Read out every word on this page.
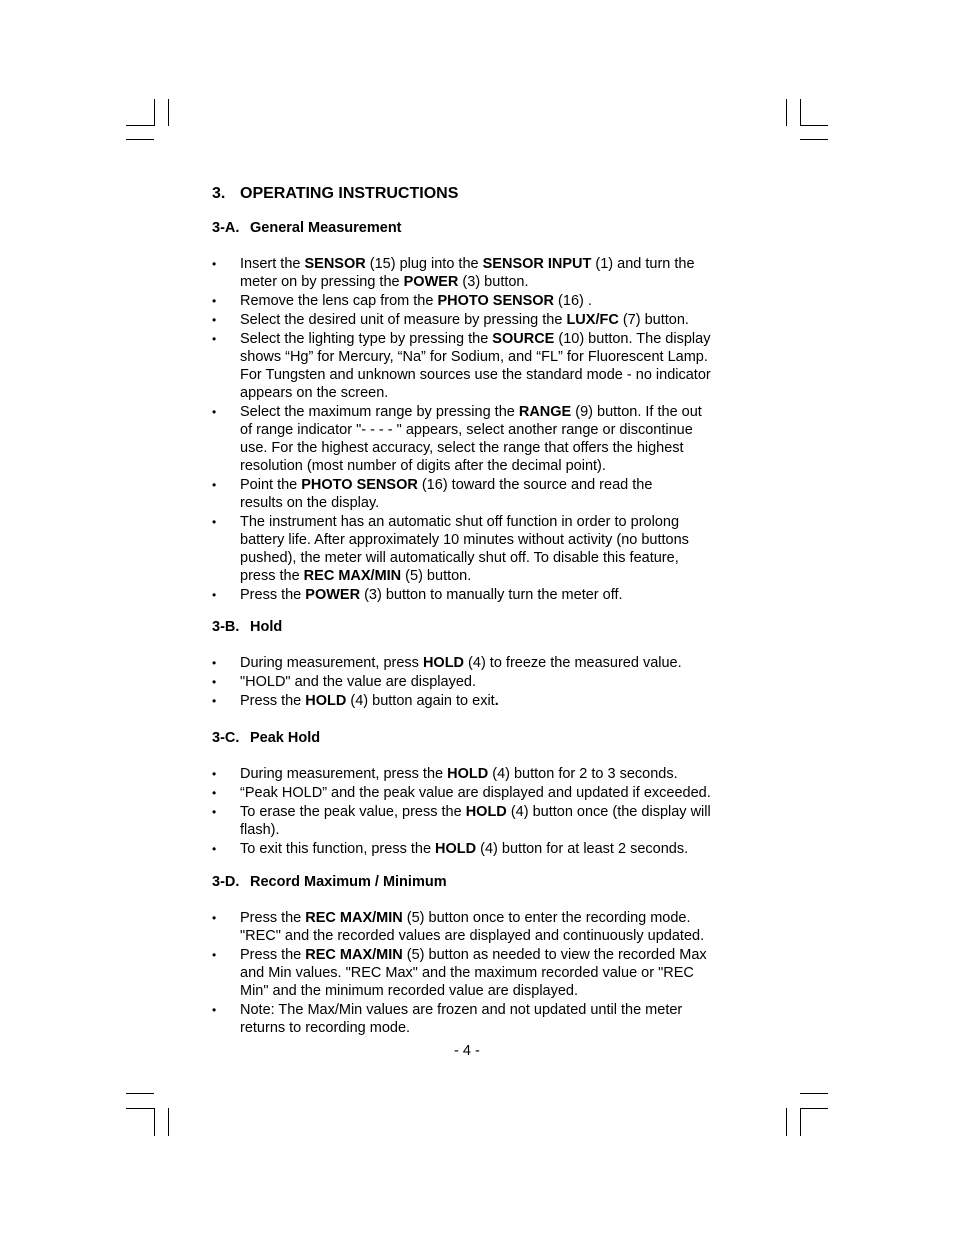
3. OPERATING INSTRUCTIONS
3-A. General Measurement
• Insert the SENSOR (15) plug into the SENSOR INPUT (1) and turn the
meter on by pressing the POWER (3) button.
• Remove the lens cap from the PHOTO SENSOR (16) .
• Select the desired unit of measure by pressing the LUX/FC (7) button.
• Select the lighting type by pressing the SOURCE (10) button. The display
shows “Hg” for Mercury, “Na” for Sodium, and “FL” for Fluorescent Lamp.
For Tungsten and unknown sources use the standard mode - no indicator
appears on the screen.
• Select the maximum range by pressing the RANGE (9) button. If the out
of range indicator "- - - - " appears, select another range or discontinue
use. For the highest accuracy, select the range that offers the highest
resolution (most number of digits after the decimal point).
• Point the PHOTO SENSOR (16) toward the source and read the
results on the display.
• The instrument has an automatic shut off function in order to prolong
battery life. After approximately 10 minutes without activity (no buttons
pushed), the meter will automatically shut off. To disable this feature,
press the REC MAX/MIN (5) button.
• Press the POWER (3) button to manually turn the meter off.
3-B. Hold
• During measurement, press HOLD (4) to freeze the measured value.
• "HOLD" and the value are displayed.
• Press the HOLD (4) button again to exit.
3-C. Peak Hold
• During measurement, press the HOLD (4) button for 2 to 3 seconds.
• “Peak HOLD” and the peak value are displayed and updated if exceeded.
• To erase the peak value, press the HOLD (4) button once (the display will
flash).
• To exit this function, press the HOLD (4) button for at least 2 seconds.
3-D. Record Maximum / Minimum
• Press the REC MAX/MIN (5) button once to enter the recording mode.
"REC" and the recorded values are displayed and continuously updated.
• Press the REC MAX/MIN (5) button as needed to view the recorded Max
and Min values. "REC Max" and the maximum recorded value or "REC
Min" and the minimum recorded value are displayed.
• Note: The Max/Min values are frozen and not updated until the meter
returns to recording mode.
- 4 -
